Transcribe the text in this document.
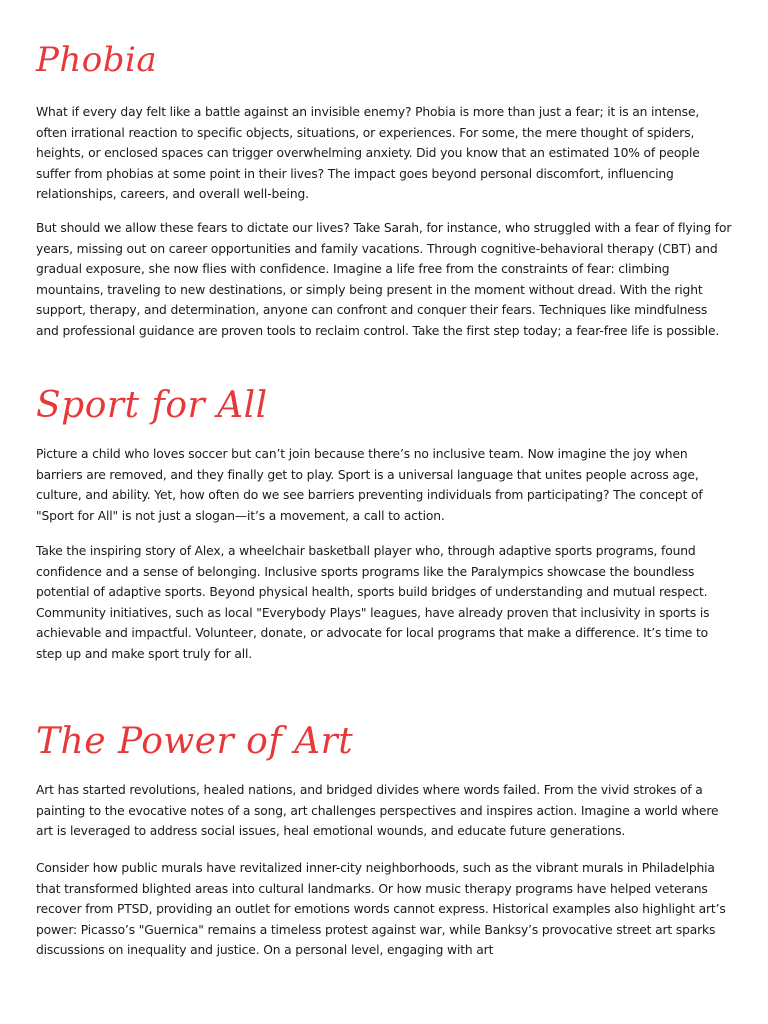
Phobia

What if every day felt like a battle against an invisible enemy? Phobia is more than just a fear; it is an intense, often irrational reaction to specific objects, situations, or experiences. For some, the mere thought of spiders, heights, or enclosed spaces can trigger overwhelming anxiety. Did you know that an estimated 10% of people suffer from phobias at some point in their lives? The impact goes beyond personal discomfort, influencing relationships, careers, and overall well-being.

But should we allow these fears to dictate our lives? Take Sarah, for instance, who struggled with a fear of flying for years, missing out on career opportunities and family vacations. Through cognitive-behavioral therapy (CBT) and gradual exposure, she now flies with confidence. Imagine a life free from the constraints of fear: climbing mountains, traveling to new destinations, or simply being present in the moment without dread. With the right support, therapy, and determination, anyone can confront and conquer their fears. Techniques like mindfulness and professional guidance are proven tools to reclaim control. Take the first step today; a fear-free life is possible.

Sport for All

Picture a child who loves soccer but can’t join because there’s no inclusive team. Now imagine the joy when barriers are removed, and they finally get to play. Sport is a universal language that unites people across age, culture, and ability. Yet, how often do we see barriers preventing individuals from participating? The concept of "Sport for All" is not just a slogan—it’s a movement, a call to action.

Take the inspiring story of Alex, a wheelchair basketball player who, through adaptive sports programs, found confidence and a sense of belonging. Inclusive sports programs like the Paralympics showcase the boundless potential of adaptive sports. Beyond physical health, sports build bridges of understanding and mutual respect. Community initiatives, such as local "Everybody Plays" leagues, have already proven that inclusivity in sports is achievable and impactful. Volunteer, donate, or advocate for local programs that make a difference. It’s time to step up and make sport truly for all.

The Power of Art

Art has started revolutions, healed nations, and bridged divides where words failed. From the vivid strokes of a painting to the evocative notes of a song, art challenges perspectives and inspires action. Imagine a world where art is leveraged to address social issues, heal emotional wounds, and educate future generations.

Consider how public murals have revitalized inner-city neighborhoods, such as the vibrant murals in Philadelphia that transformed blighted areas into cultural landmarks. Or how music therapy programs have helped veterans recover from PTSD, providing an outlet for emotions words cannot express. Historical examples also highlight art’s power: Picasso’s "Guernica" remains a timeless protest against war, while Banksy’s provocative street art sparks discussions on inequality and justice. On a personal level, engaging with art
